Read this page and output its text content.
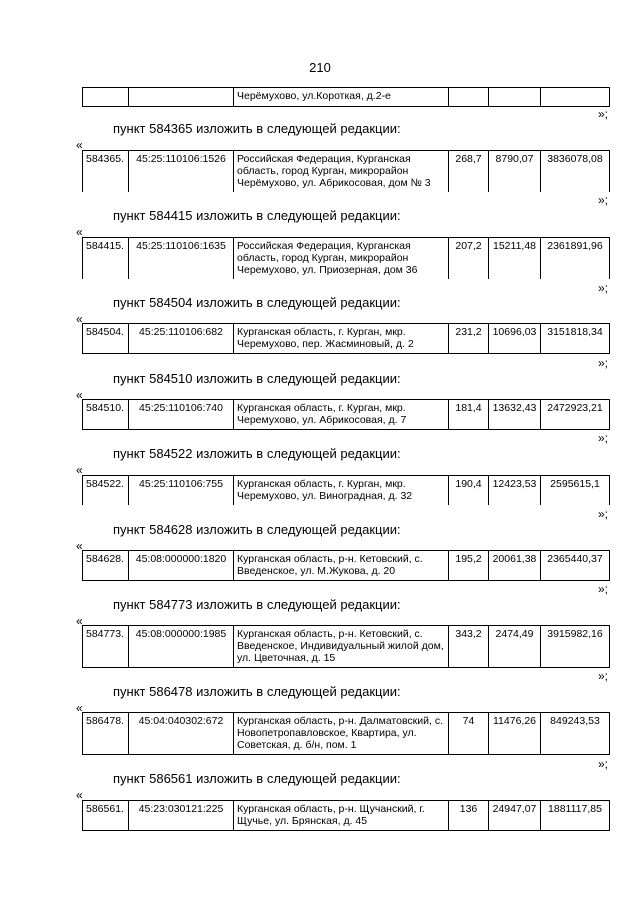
210
		Черёмухово, ул.Короткая, д.2-е			
»;
пункт 584365 изложить в следующей редакции:
«
584365.	45:25:110106:1526	Российская Федерация, Курганская область, город Курган, микрорайон Черёмухово, ул. Абрикосовая, дом № 3	268,7	8790,07	3836078,08
»;
пункт 584415 изложить в следующей редакции:
«
584415.	45:25:110106:1635	Российская Федерация, Курганская область, город Курган, микрорайон Черемухово, ул. Приозерная, дом 36	207,2	15211,48	2361891,96
»;
пункт 584504 изложить в следующей редакции:
«
584504.	45:25:110106:682	Курганская область, г. Курган, мкр. Черемухово, пер. Жасминовый, д. 2	231,2	10696,03	3151818,34
»;
пункт 584510 изложить в следующей редакции:
«
584510.	45:25:110106:740	Курганская область, г. Курган, мкр. Черемухово, ул. Абрикосовая, д. 7	181,4	13632,43	2472923,21
»;
пункт 584522 изложить в следующей редакции:
«
584522.	45:25:110106:755	Курганская область, г. Курган, мкр. Черемухово, ул. Виноградная, д. 32	190,4	12423,53	2595615,1
»;
пункт 584628 изложить в следующей редакции:
«
584628.	45:08:000000:1820	Курганская область, р-н. Кетовский, с. Введенское, ул. М.Жукова, д. 20	195,2	20061,38	2365440,37
»;
пункт 584773 изложить в следующей редакции:
«
584773.	45:08:000000:1985	Курганская область, р-н. Кетовский, с. Введенское, Индивидуальный жилой дом, ул. Цветочная, д. 15	343,2	2474,49	3915982,16
»;
пункт 586478 изложить в следующей редакции:
«
586478.	45:04:040302:672	Курганская область, р-н. Далматовский, с. Новопетропавловское, Квартира, ул. Советская, д. б/н, пом. 1	74	11476,26	849243,53
»;
пункт 586561 изложить в следующей редакции:
«
586561.	45:23:030121:225	Курганская область, р-н. Щучанский, г. Щучье, ул. Брянская, д. 45	136	24947,07	1881117,85
